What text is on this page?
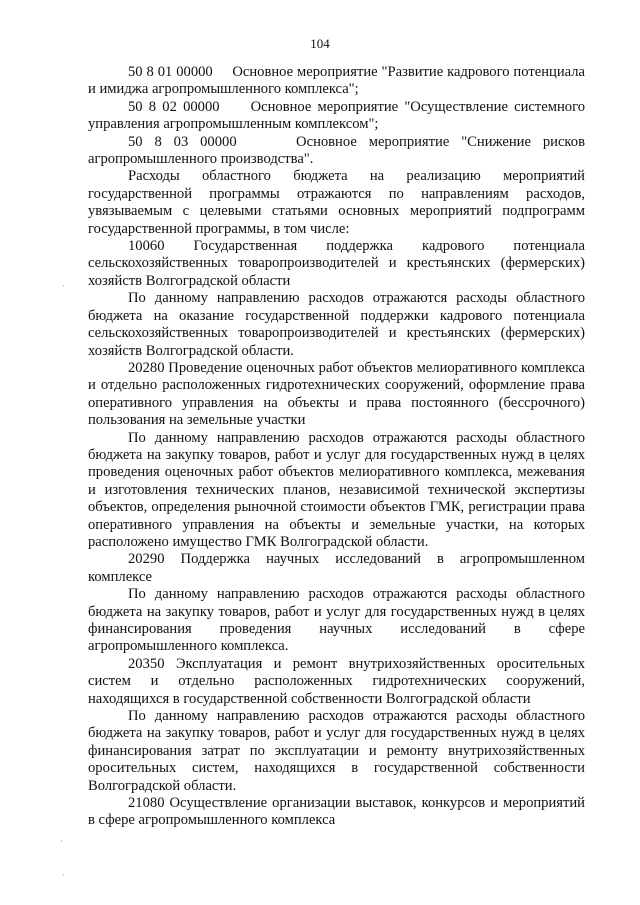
104

50 8 01 00000 Основное мероприятие "Развитие кадрового потенциала и имиджа агропромышленного комплекса";

50 8 02 00000 Основное мероприятие "Осуществление системного управления агропромышленным комплексом";

50 8 03 00000	Основное мероприятие "Снижение рисков агропромышленного производства".

Расходы областного бюджета на реализацию мероприятий государственной программы отражаются по направлениям расходов, увязываемым с целевыми статьями основных мероприятий подпрограмм государственной программы, в том числе:

10060 Государственная поддержка кадрового потенциала сельскохозяйственных товаропроизводителей и крестьянских (фермерских) хозяйств Волгоградской области

По данному направлению расходов отражаются расходы областного бюджета на оказание государственной поддержки кадрового потенциала сельскохозяйственных товаропроизводителей и крестьянских (фермерских) хозяйств Волгоградской области.

20280 Проведение оценочных работ объектов мелиоративного комплекса и отдельно расположенных гидротехнических сооружений, оформление права оперативного управления на объекты и права постоянного (бессрочного) пользования на земельные участки

По данному направлению расходов отражаются расходы областного бюджета на закупку товаров, работ и услуг для государственных нужд в целях проведения оценочных работ объектов мелиоративного комплекса, межевания и изготовления технических планов, независимой технической экспертизы объектов, определения рыночной стоимости объектов ГМК, регистрации права оперативного управления на объекты и земельные участки, на которых расположено имущество ГМК Волгоградской области.

20290 Поддержка научных исследований в агропромышленном комплексе

По данному направлению расходов отражаются расходы областного бюджета на закупку товаров, работ и услуг для государственных нужд в целях финансирования проведения научных исследований в сфере агропромышленного комплекса.

20350 Эксплуатация и ремонт внутрихозяйственных оросительных систем и отдельно расположенных гидротехнических сооружений, находящихся в государственной собственности Волгоградской области

По данному направлению расходов отражаются расходы областного бюджета на закупку товаров, работ и услуг для государственных нужд в целях финансирования затрат по эксплуатации и ремонту внутрихозяйственных оросительных систем, находящихся в государственной собственности Волгоградской области.

21080 Осуществление организации выставок, конкурсов и мероприятий в сфере агропромышленного комплекса

·
·
·
